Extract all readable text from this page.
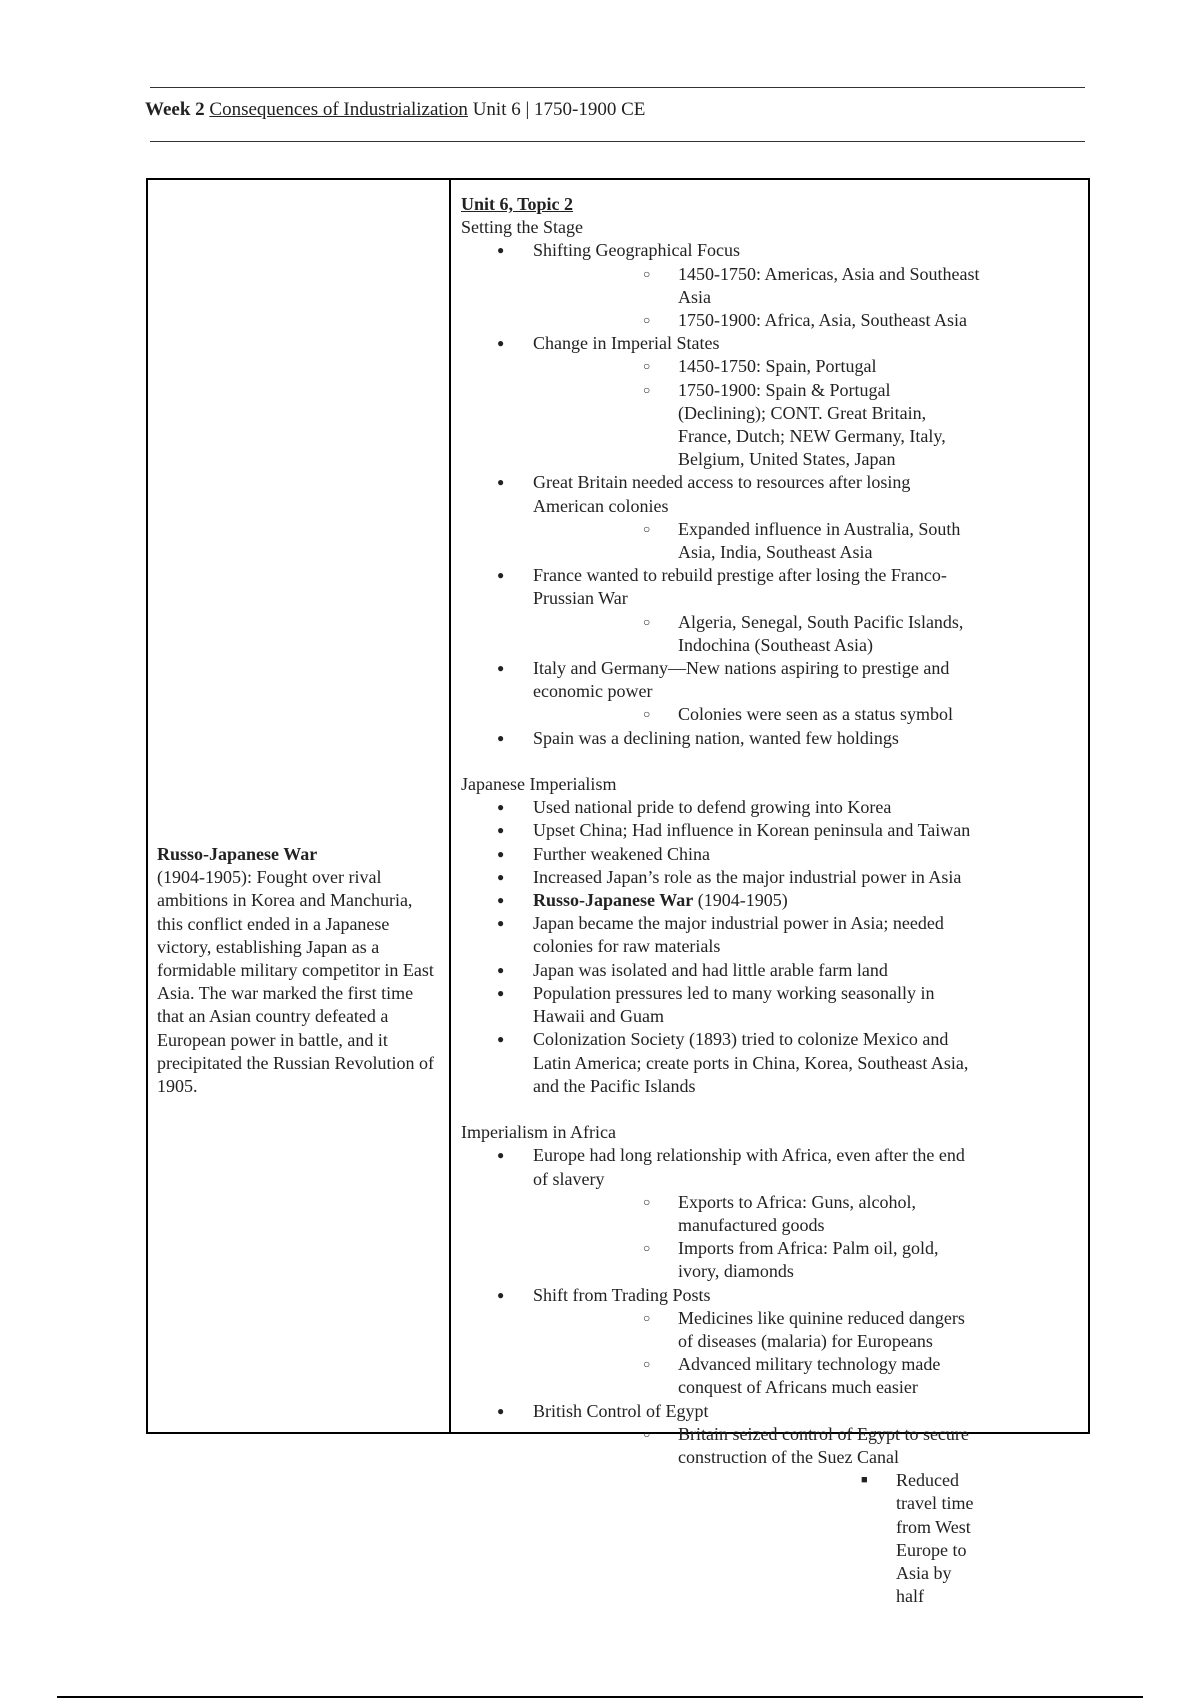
Week 2 Consequences of Industrialization Unit 6 | 1750-1900 CE
Russo-Japanese War
(1904-1905): Fought over rival ambitions in Korea and Manchuria, this conflict ended in a Japanese victory, establishing Japan as a formidable military competitor in East Asia. The war marked the first time that an Asian country defeated a European power in battle, and it precipitated the Russian Revolution of 1905.
Unit 6, Topic 2
Setting the Stage
● Shifting Geographical Focus
○ 1450-1750: Americas, Asia and Southeast Asia
○ 1750-1900: Africa, Asia, Southeast Asia
● Change in Imperial States
○ 1450-1750: Spain, Portugal
○ 1750-1900: Spain & Portugal (Declining); CONT. Great Britain, France, Dutch; NEW Germany, Italy, Belgium, United States, Japan
● Great Britain needed access to resources after losing American colonies
○ Expanded influence in Australia, South Asia, India, Southeast Asia
● France wanted to rebuild prestige after losing the Franco-Prussian War
○ Algeria, Senegal, South Pacific Islands, Indochina (Southeast Asia)
● Italy and Germany—New nations aspiring to prestige and economic power
○ Colonies were seen as a status symbol
● Spain was a declining nation, wanted few holdings
Japanese Imperialism
● Used national pride to defend growing into Korea
● Upset China; Had influence in Korean peninsula and Taiwan
● Further weakened China
● Increased Japan’s role as the major industrial power in Asia
● Russo-Japanese War (1904-1905)
● Japan became the major industrial power in Asia; needed colonies for raw materials
● Japan was isolated and had little arable farm land
● Population pressures led to many working seasonally in Hawaii and Guam
● Colonization Society (1893) tried to colonize Mexico and Latin America; create ports in China, Korea, Southeast Asia, and the Pacific Islands
Imperialism in Africa
● Europe had long relationship with Africa, even after the end of slavery
○ Exports to Africa: Guns, alcohol, manufactured goods
○ Imports from Africa: Palm oil, gold, ivory, diamonds
● Shift from Trading Posts
○ Medicines like quinine reduced dangers of diseases (malaria) for Europeans
○ Advanced military technology made conquest of Africans much easier
● British Control of Egypt
○ Britain seized control of Egypt to secure construction of the Suez Canal
■ Reduced travel time from West Europe to Asia by half
